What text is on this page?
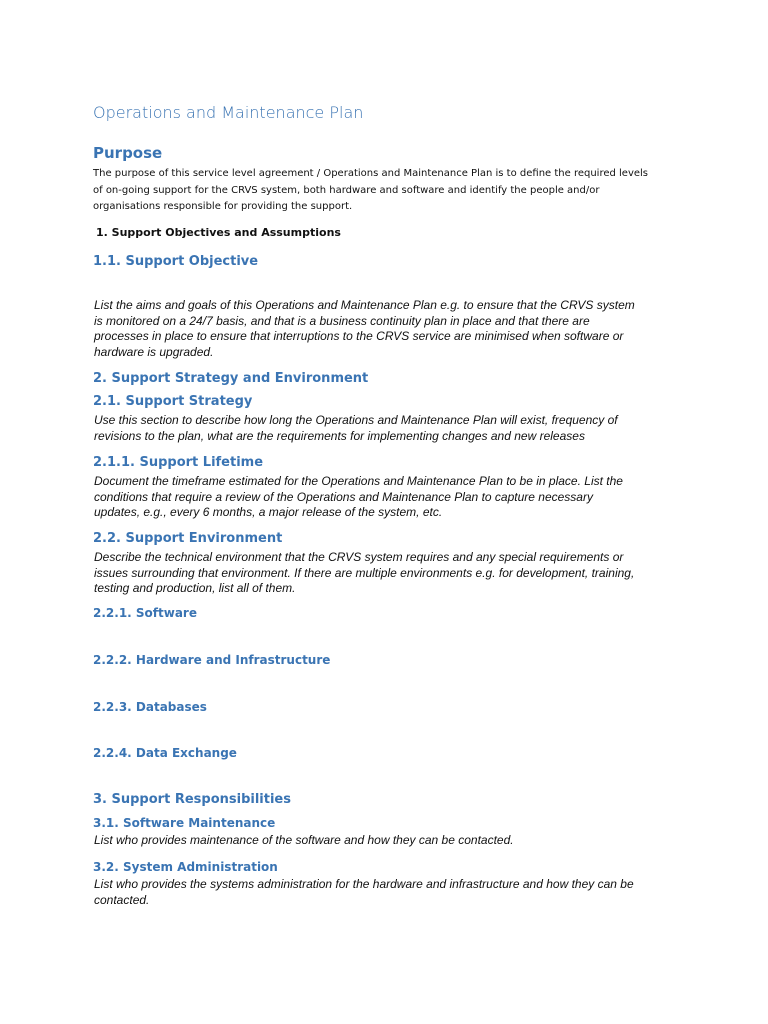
Operations and Maintenance Plan
Purpose
The purpose of this service level agreement / Operations and Maintenance Plan is to define the required levels
of on-going support for the CRVS system, both hardware and software and identify the people and/or
organisations responsible for providing the support.
1. Support Objectives and Assumptions
1.1. Support Objective
List the aims and goals of this Operations and Maintenance Plan e.g. to ensure that the CRVS system
is monitored on a 24/7 basis, and that is a business continuity plan in place and that there are
processes in place to ensure that interruptions to the CRVS service are minimised when software or
hardware is upgraded.
2. Support Strategy and Environment
2.1. Support Strategy
Use this section to describe how long the Operations and Maintenance Plan will exist, frequency of
revisions to the plan, what are the requirements for implementing changes and new releases
2.1.1. Support Lifetime
Document the timeframe estimated for the Operations and Maintenance Plan to be in place. List the
conditions that require a review of the Operations and Maintenance Plan to capture necessary
updates, e.g., every 6 months, a major release of the system, etc.
2.2. Support Environment
Describe the technical environment that the CRVS system requires and any special requirements or
issues surrounding that environment. If there are multiple environments e.g. for development, training,
testing and production, list all of them.
2.2.1. Software
2.2.2. Hardware and Infrastructure
2.2.3. Databases
2.2.4. Data Exchange
3. Support Responsibilities
3.1. Software Maintenance
List who provides maintenance of the software and how they can be contacted.
3.2. System Administration
List who provides the systems administration for the hardware and infrastructure and how they can be
contacted.
